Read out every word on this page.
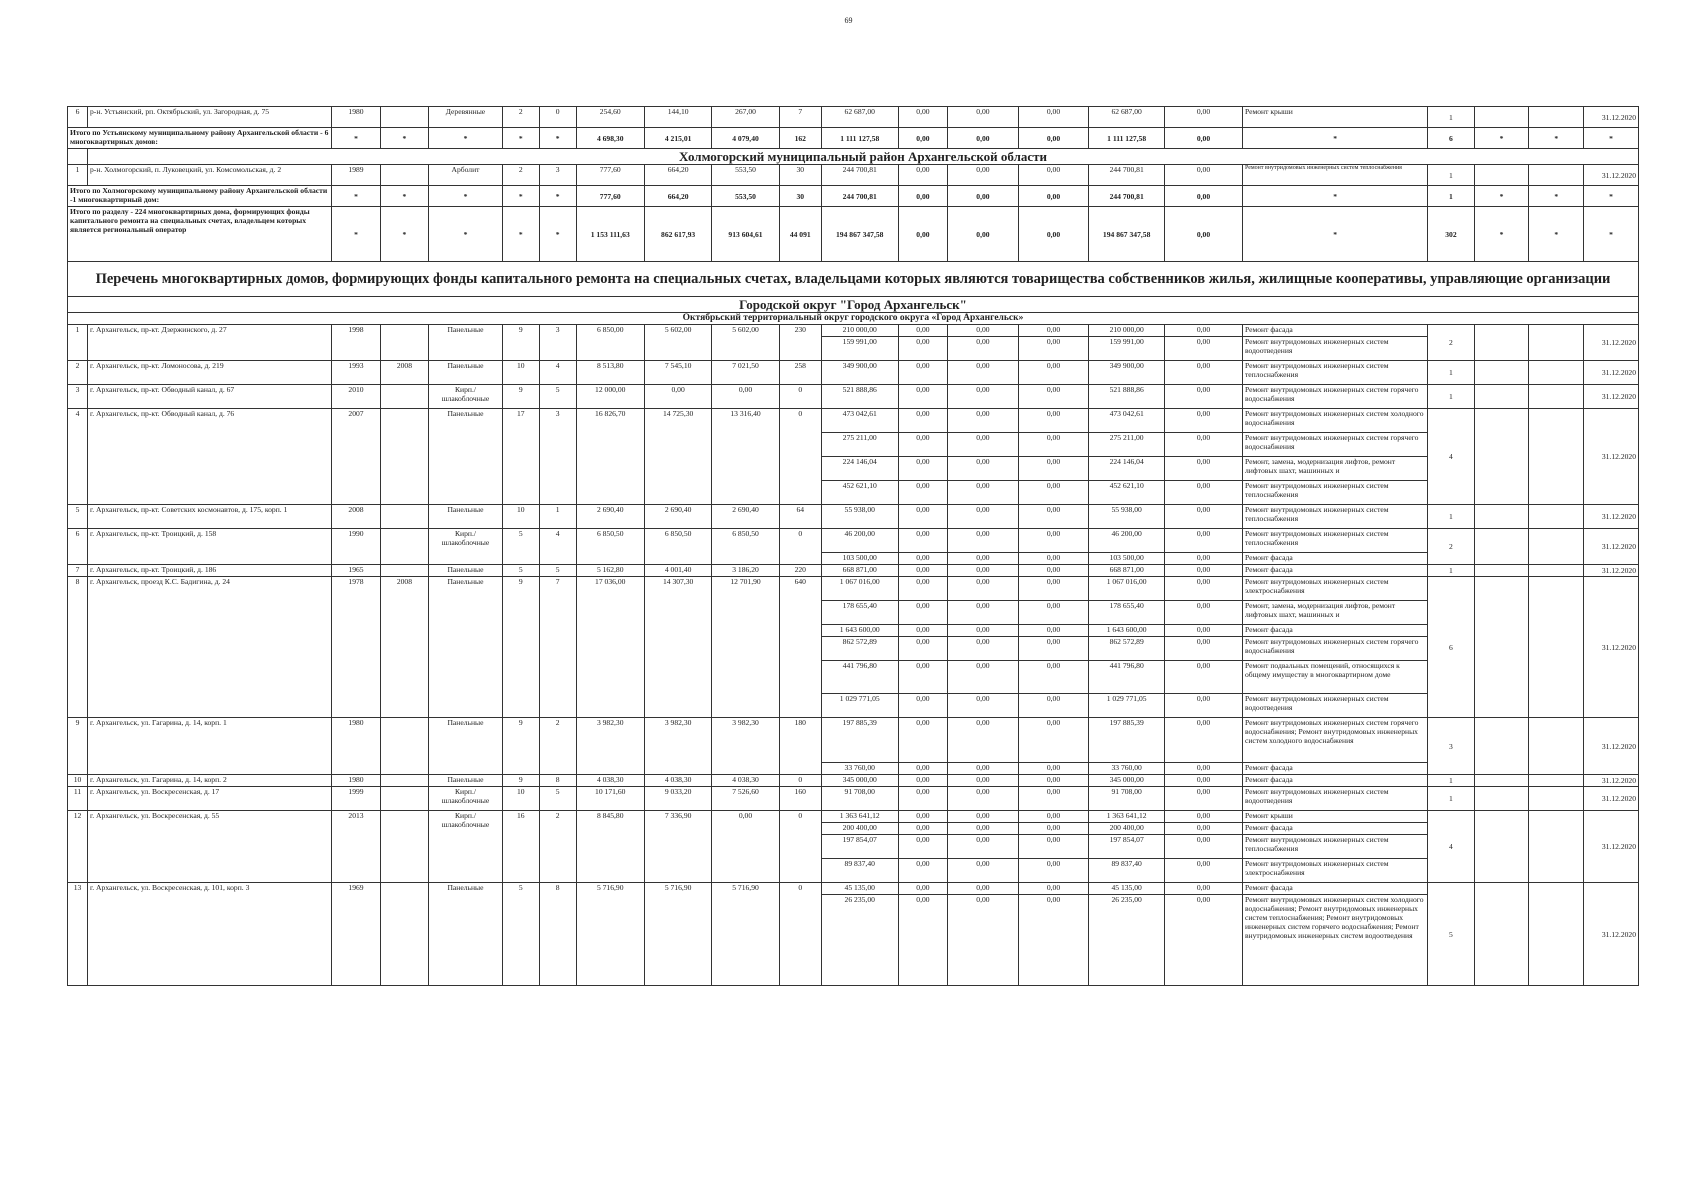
69
6	р-н. Устьянский, рп. Октябрьский, ул. Загородная, д. 75	1980		Деревянные	2	0	254,60	144,10	267,00	7	62 687,00	0,00	0,00	0,00	62 687,00	0,00	Ремонт крыши	1			31.12.2020
Итого по Устьянскому муниципальному району Архангельской области - 6 многоквартирных домов:		*	*	*	*	*	4 698,30	4 215,01	4 079,40	162	1 111 127,58	0,00	0,00	0,00	1 111 127,58	0,00	*	6	*	*	*
	Холмогорский муниципальный район Архангельской области																				
1	р-н. Холмогорский, п. Луковецкий, ул. Комсомольская, д. 2	1989		Арболит	2	3	777,60	664,20	553,50	30	244 700,81	0,00	0,00	0,00	244 700,81	0,00	Ремонт внутридомовых инженерных систем теплоснабжения	1			31.12.2020
Итого по Холмогорскому муниципальному району Архангельской области -1 многоквартирный дом:		*	*	*	*	*	777,60	664,20	553,50	30	244 700,81	0,00	0,00	0,00	244 700,81	0,00	*	1	*	*	*
Итого по разделу - 224 многоквартирных дома, формирующих фонды капитального ремонта на специальных счетах, владельцем которых является региональный оператор		*	*	*	*	*	1 153 111,63	862 617,93	913 604,61	44 091	194 867 347,58	0,00	0,00	0,00	194 867 347,58	0,00	*	302	*	*	*
Перечень многоквартирных домов, формирующих фонды капитального ремонта на специальных счетах, владельцами которых являются товарищества собственников жилья, жилищные кооперативы, управляющие организации																					
Городской округ "Город Архангельск"																					
Октябрьский территориальный округ городского округа «Город Архангельск»																					
1	г. Архангельск, пр-кт. Дзержинского, д. 27	1998		Панельные	9	3	6 850,00	5 602,00	5 602,00	230	210 000,00	0,00	0,00	0,00	210 000,00	0,00	Ремонт фасада	2			31.12.2020
											159 991,00	0,00	0,00	0,00	159 991,00	0,00	Ремонт внутридомовых инженерных систем водоотведения				
2	г. Архангельск, пр-кт. Ломоносова, д. 219	1993	2008	Панельные	10	4	8 513,80	7 545,10	7 021,50	258	349 900,00	0,00	0,00	0,00	349 900,00	0,00	Ремонт внутридомовых инженерных систем теплоснабжения	1			31.12.2020
3	г. Архангельск, пр-кт. Обводный канал, д. 67	2010		Кирп./ шлакоблочные	9	5	12 000,00	0,00	0,00	0	521 888,86	0,00	0,00	0,00	521 888,86	0,00	Ремонт внутридомовых инженерных систем горячего водоснабжения	1			31.12.2020
4	г. Архангельск, пр-кт. Обводный канал, д. 76	2007		Панельные	17	3	16 826,70	14 725,30	13 316,40	0	473 042,61	0,00	0,00	0,00	473 042,61	0,00	Ремонт внутридомовых инженерных систем холодного водоснабжения	4			31.12.2020
											275 211,00	0,00	0,00	0,00	275 211,00	0,00	Ремонт внутридомовых инженерных систем горячего водоснабжения				
											224 146,04	0,00	0,00	0,00	224 146,04	0,00	Ремонт, замена, модернизация лифтов, ремонт лифтовых шахт, машинных и				
											452 621,10	0,00	0,00	0,00	452 621,10	0,00	Ремонт внутридомовых инженерных систем теплоснабжения				
5	г. Архангельск, пр-кт. Советских космонавтов, д. 175, корп. 1	2008		Панельные	10	1	2 690,40	2 690,40	2 690,40	64	55 938,00	0,00	0,00	0,00	55 938,00	0,00	Ремонт внутридомовых инженерных систем теплоснабжения	1			31.12.2020
6	г. Архангельск, пр-кт. Троицкий, д. 158	1990		Кирп./ шлакоблочные	5	4	6 850,50	6 850,50	6 850,50	0	46 200,00	0,00	0,00	0,00	46 200,00	0,00	Ремонт внутридомовых инженерных систем теплоснабжения	2			31.12.2020
											103 500,00	0,00	0,00	0,00	103 500,00	0,00	Ремонт фасада				
7	г. Архангельск, пр-кт. Троицкий, д. 186	1965		Панельные	5	5	5 162,80	4 001,40	3 186,20	220	668 871,00	0,00	0,00	0,00	668 871,00	0,00	Ремонт фасада	1			31.12.2020
8	г. Архангельск, проезд К.С. Бадигина, д. 24	1978	2008	Панельные	9	7	17 036,00	14 307,30	12 701,90	640	1 067 016,00	0,00	0,00	0,00	1 067 016,00	0,00	Ремонт внутридомовых инженерных систем электроснабжения	6			31.12.2020
											178 655,40	0,00	0,00	0,00	178 655,40	0,00	Ремонт, замена, модернизация лифтов, ремонт лифтовых шахт, машинных и				
											1 643 600,00	0,00	0,00	0,00	1 643 600,00	0,00	Ремонт фасада				
											862 572,89	0,00	0,00	0,00	862 572,89	0,00	Ремонт внутридомовых инженерных систем горячего водоснабжения				
											441 796,80	0,00	0,00	0,00	441 796,80	0,00	Ремонт подвальных помещений, относящихся к общему имуществу в многоквартирном доме				
											1 029 771,05	0,00	0,00	0,00	1 029 771,05	0,00	Ремонт внутридомовых инженерных систем водоотведения				
9	г. Архангельск, ул. Гагарина, д. 14, корп. 1	1980		Панельные	9	2	3 982,30	3 982,30	3 982,30	180	197 885,39	0,00	0,00	0,00	197 885,39	0,00	Ремонт внутридомовых инженерных систем горячего водоснабжения; Ремонт внутридомовых инженерных систем холодного водоснабжения	3			31.12.2020
											33 760,00	0,00	0,00	0,00	33 760,00	0,00	Ремонт фасада				
10	г. Архангельск, ул. Гагарина, д. 14, корп. 2	1980		Панельные	9	8	4 038,30	4 038,30	4 038,30	0	345 000,00	0,00	0,00	0,00	345 000,00	0,00	Ремонт фасада	1			31.12.2020
11	г. Архангельск, ул. Воскресенская, д. 17	1999		Кирп./ шлакоблочные	10	5	10 171,60	9 033,20	7 526,60	160	91 708,00	0,00	0,00	0,00	91 708,00	0,00	Ремонт внутридомовых инженерных систем водоотведения	1			31.12.2020
12	г. Архангельск, ул. Воскресенская, д. 55	2013		Кирп./ шлакоблочные	16	2	8 845,80	7 336,90	0,00	0	1 363 641,12	0,00	0,00	0,00	1 363 641,12	0,00	Ремонт крыши	4			31.12.2020
											200 400,00	0,00	0,00	0,00	200 400,00	0,00	Ремонт фасада				
											197 854,07	0,00	0,00	0,00	197 854,07	0,00	Ремонт внутридомовых инженерных систем теплоснабжения				
											89 837,40	0,00	0,00	0,00	89 837,40	0,00	Ремонт внутридомовых инженерных систем электроснабжения				
13	г. Архангельск, ул. Воскресенская, д. 101, корп. 3	1969		Панельные	5	8	5 716,90	5 716,90	5 716,90	0	45 135,00	0,00	0,00	0,00	45 135,00	0,00	Ремонт фасада	5			31.12.2020
											26 235,00	0,00	0,00	0,00	26 235,00	0,00	Ремонт внутридомовых инженерных систем холодного водоснабжения; Ремонт внутридомовых инженерных систем теплоснабжения; Ремонт внутридомовых инженерных систем горячего водоснабжения; Ремонт внутридомовых инженерных систем водоотведения				
